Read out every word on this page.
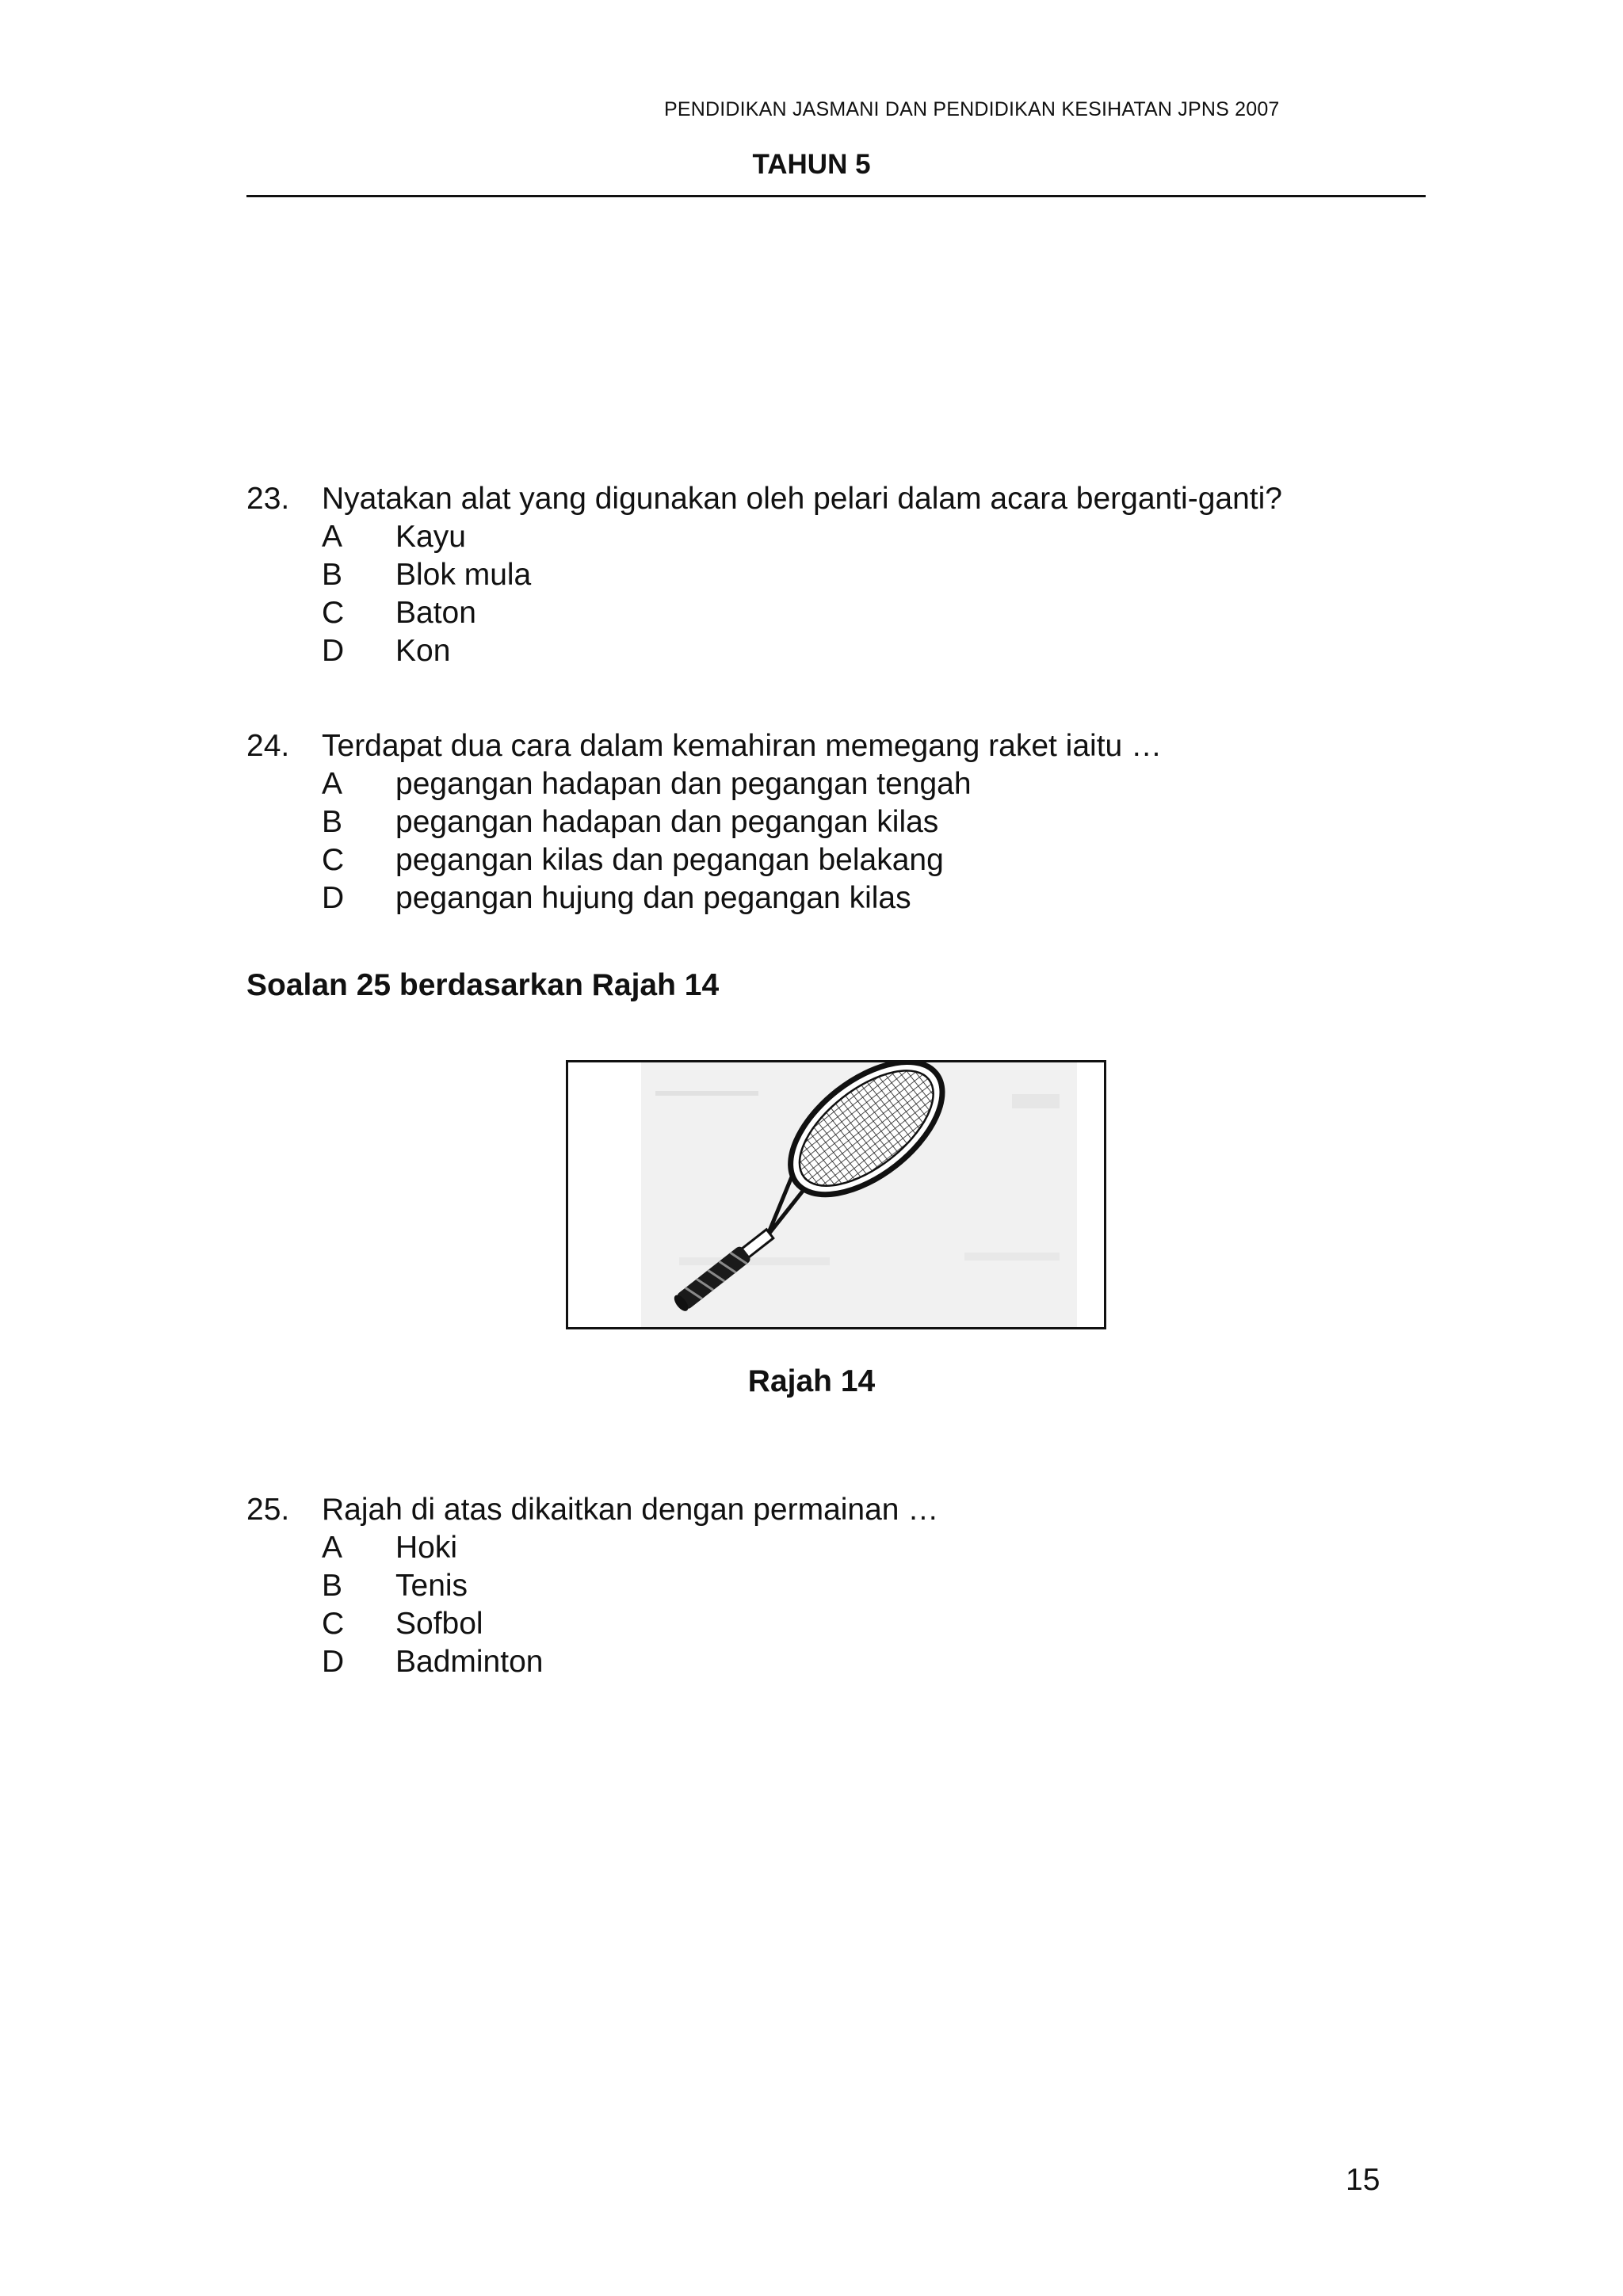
PENDIDIKAN JASMANI DAN PENDIDIKAN KESIHATAN JPNS 2007
TAHUN 5
23. Nyatakan alat yang digunakan oleh pelari dalam acara berganti-ganti?
A Kayu
B Blok mula
C Baton
D Kon
24. Terdapat dua cara dalam kemahiran memegang raket iaitu …
A pegangan hadapan dan pegangan tengah
B pegangan hadapan dan pegangan kilas
C pegangan kilas dan pegangan belakang
D pegangan hujung dan pegangan kilas
Soalan 25 berdasarkan Rajah 14
Rajah 14
25. Rajah di atas dikaitkan dengan permainan …
A Hoki
B Tenis
C Sofbol
D Badminton
15
